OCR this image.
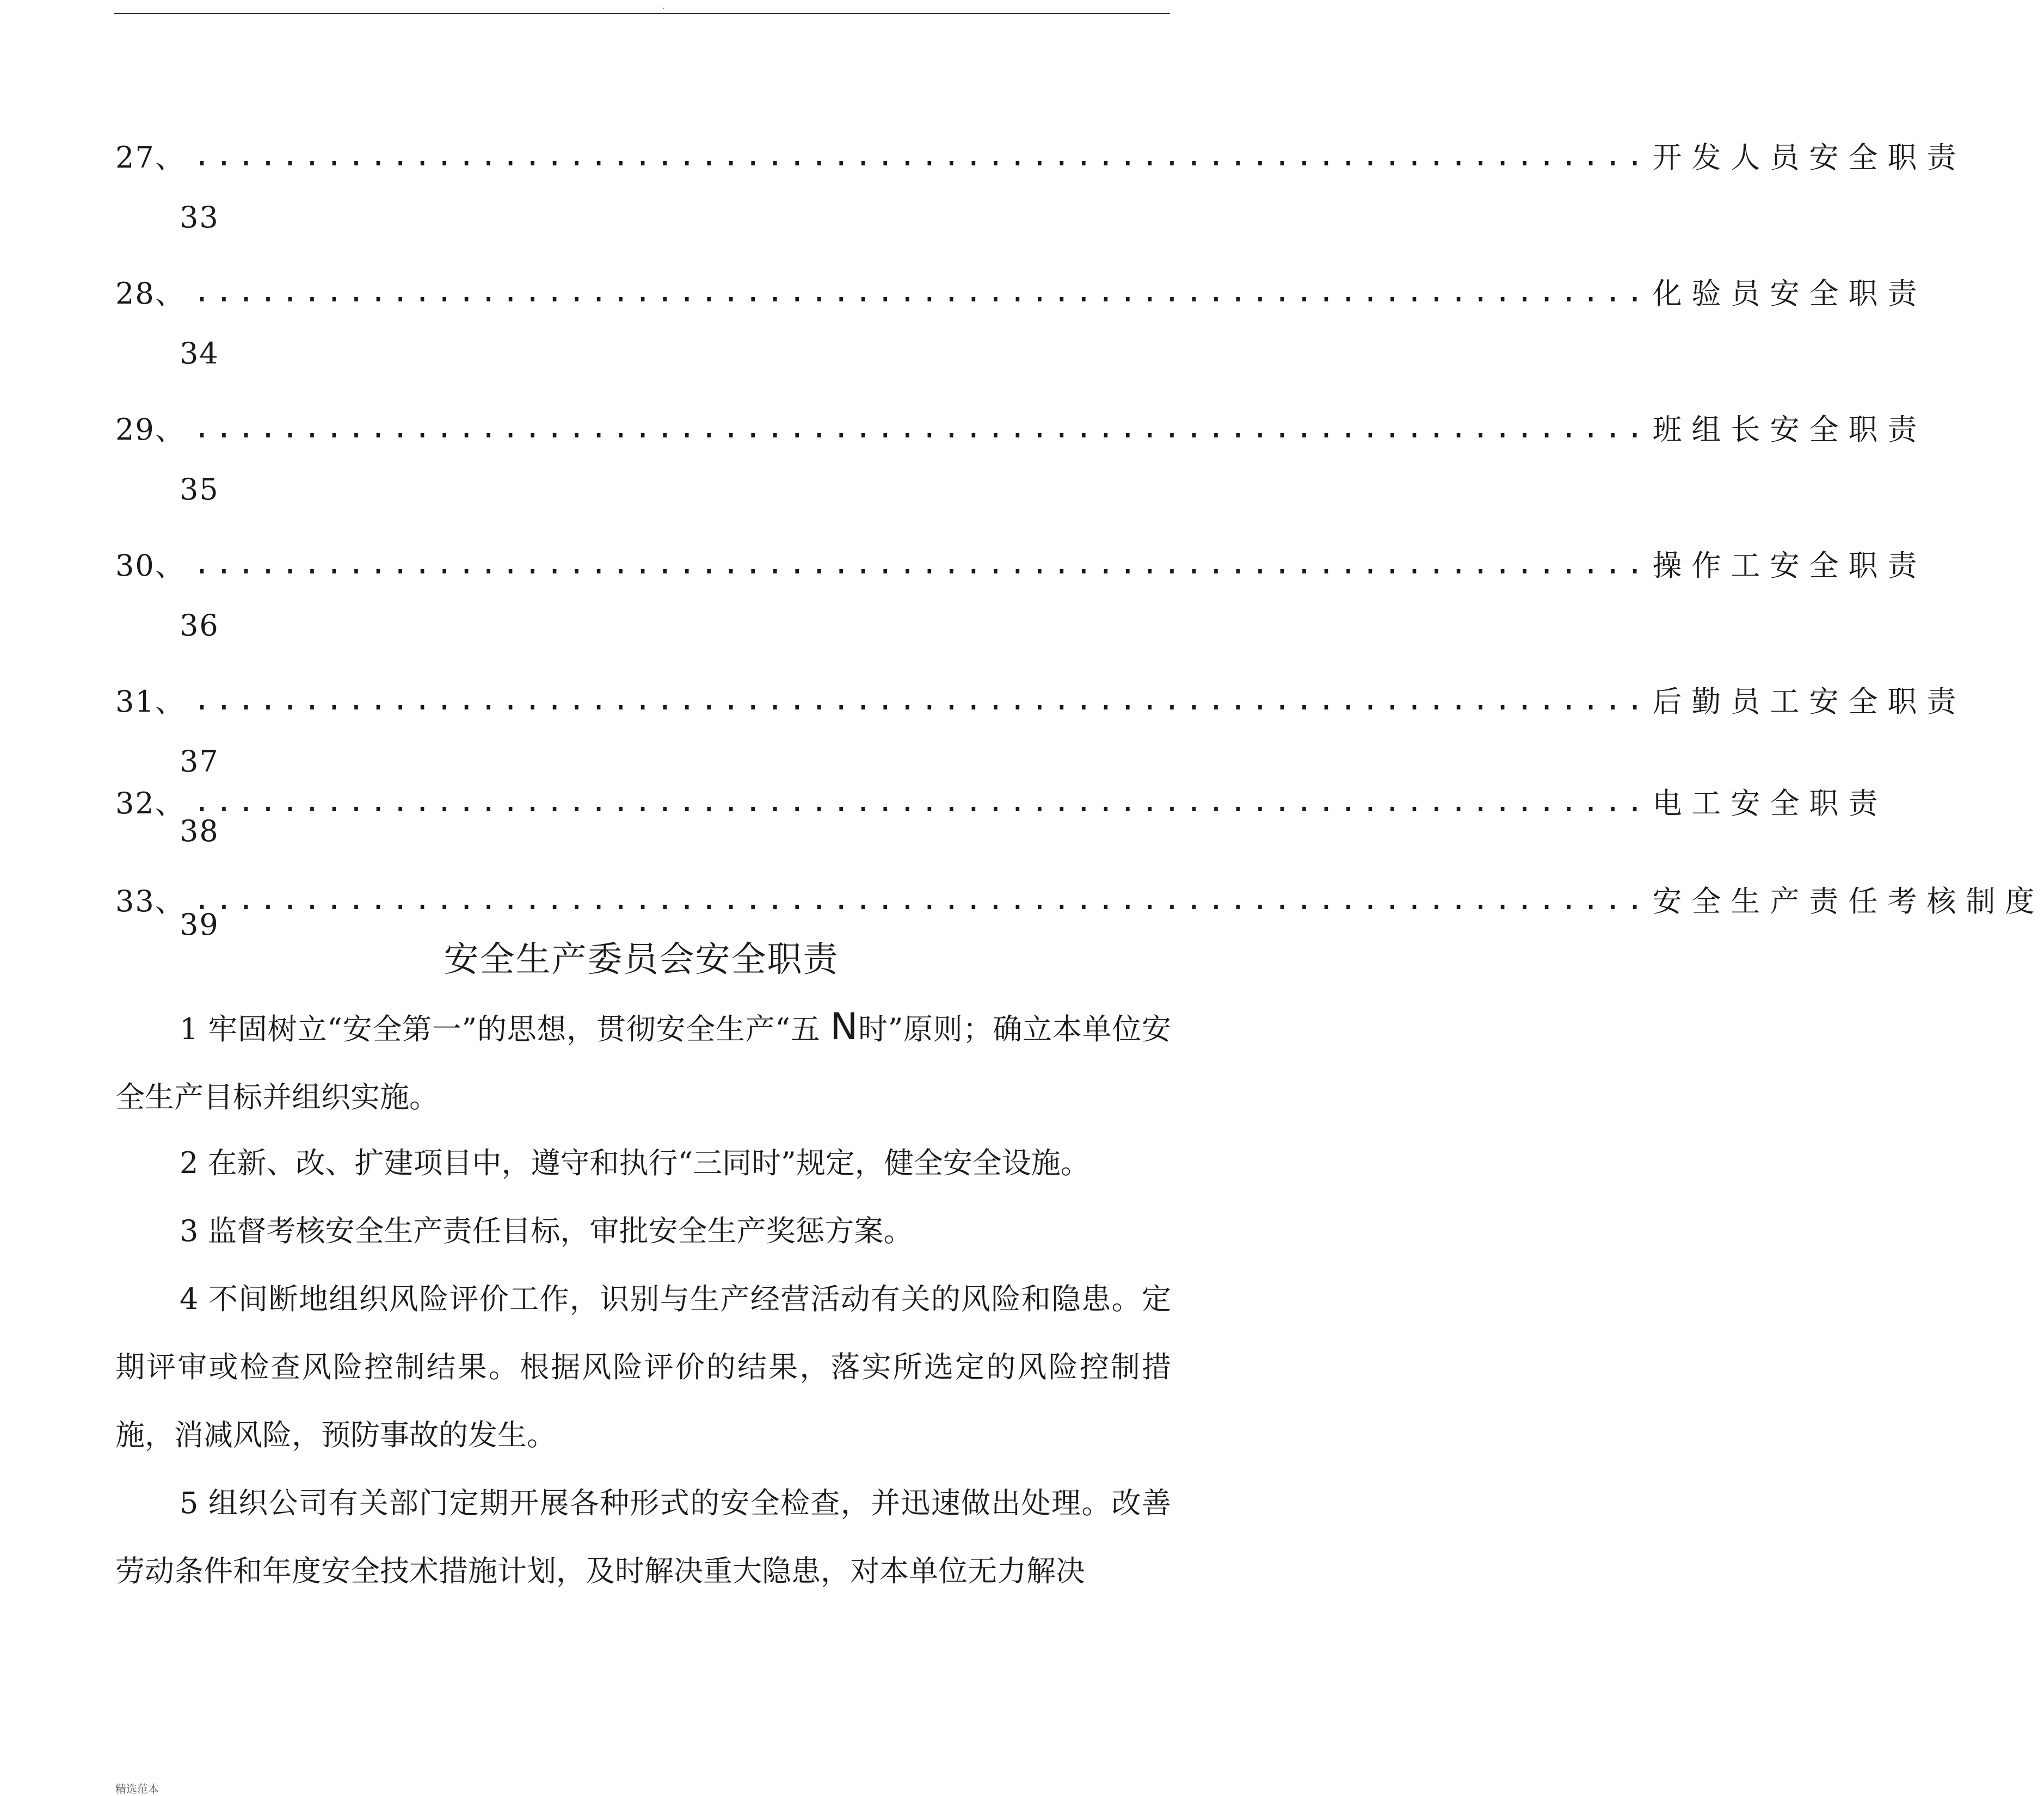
.
27、 .................................................................. 开发人员安全职责
33
28、 .................................................................. 化验员安全职责
34
29、 .................................................................. 班组长安全职责
35
30、 .................................................................. 操作工安全职责
36
31、 .................................................................. 后勤员工安全职责
37
32、 .................................................................. 电工安全职责
38
33、 .................................................................. 安全生产责任考核制度
39
安全生产委员会安全职责
1 牢固树立“安全第一”的思想，贯彻安全生产“五 N时”原则；确立本单位安全生产目标并组织实施。
2 在新、改、扩建项目中，遵守和执行“三同时”规定，健全安全设施。
3 监督考核安全生产责任目标，审批安全生产奖惩方案。
4 不间断地组织风险评价工作，识别与生产经营活动有关的风险和隐患。定期评审或检查风险控制结果。根据风险评价的结果，落实所选定的风险控制措施，消减风险，预防事故的发生。
5 组织公司有关部门定期开展各种形式的安全检查，并迅速做出处理。改善劳动条件和年度安全技术措施计划，及时解决重大隐患，对本单位无力解决
精选范本
